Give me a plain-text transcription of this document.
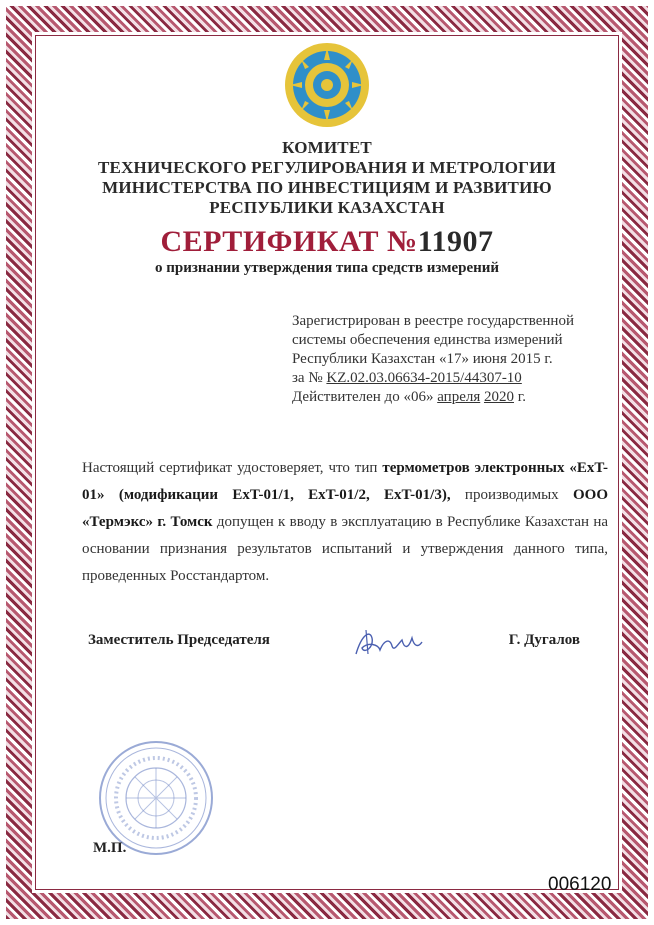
КОМИТЕТ
ТЕХНИЧЕСКОГО РЕГУЛИРОВАНИЯ И МЕТРОЛОГИИ
МИНИСТЕРСТВА ПО ИНВЕСТИЦИЯМ И РАЗВИТИЮ
РЕСПУБЛИКИ КАЗАХСТАН
СЕРТИФИКАТ №11907
о признании утверждения типа средств измерений
Зарегистрирован в реестре государственной
системы обеспечения единства измерений
Республики Казахстан «17» июня 2015 г.
за № KZ.02.03.06634-2015/44307-10
Действителен до «06» апреля 2020 г.
Настоящий сертификат удостоверяет, что тип термометров электронных «ExT-01» (модификации ExT-01/1, ExT-01/2, ExT-01/3), производимых ООО «Термэкс» г. Томск допущен к вводу в эксплуатацию в Республике Казахстан на основании признания результатов испытаний и утверждения данного типа, проведенных Росстандартом.
Заместитель Председателя	Г. Дугалов
М.П.
006120
